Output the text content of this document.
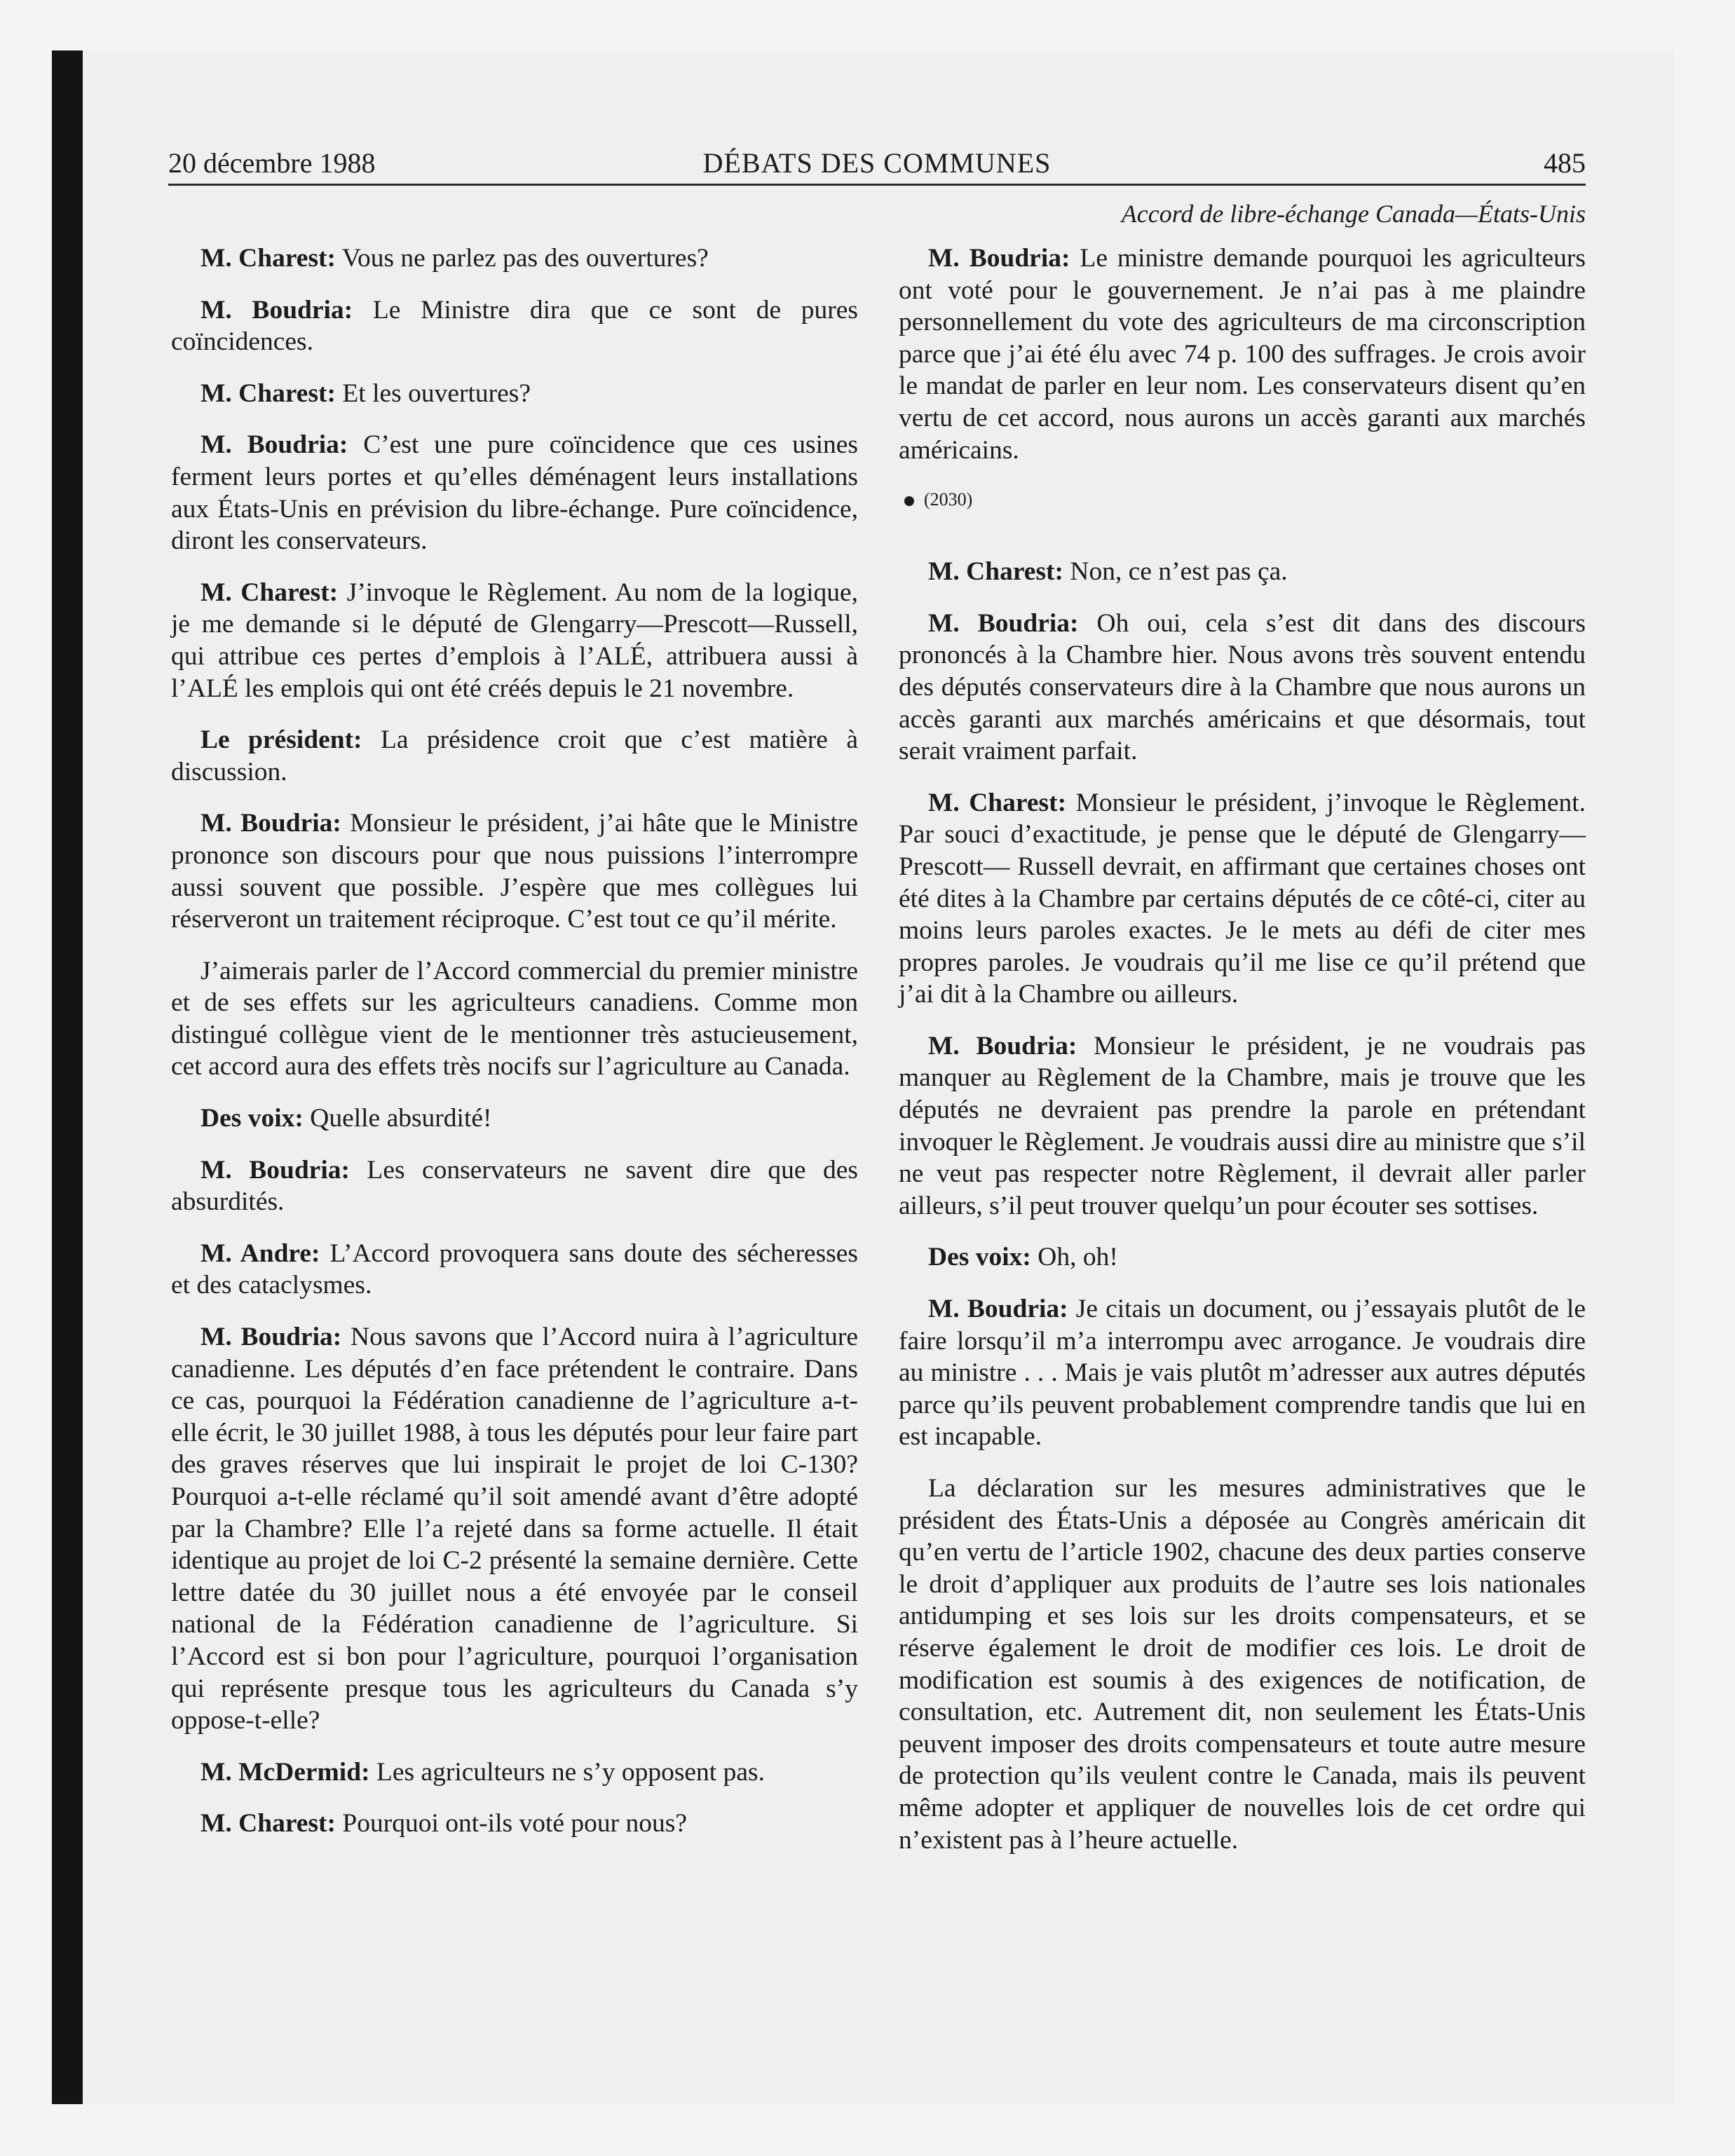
20 décembre 1988	DÉBATS DES COMMUNES	485

M. Charest: Vous ne parlez pas des ouvertures?

M. Boudria: Le Ministre dira que ce sont de pures coïncidences.

M. Charest: Et les ouvertures?

M. Boudria: C’est une pure coïncidence que ces usines ferment leurs portes et qu’elles déménagent leurs installations aux États-Unis en prévision du libre-échange. Pure coïncidence, diront les conservateurs.

M. Charest: J’invoque le Règlement. Au nom de la logique, je me demande si le député de Glengarry—Prescott—Russell, qui attribue ces pertes d’emplois à l’ALÉ, attribuera aussi à l’ALÉ les emplois qui ont été créés depuis le 21 novembre.

Le président: La présidence croit que c’est matière à discussion.

M. Boudria: Monsieur le président, j’ai hâte que le Ministre prononce son discours pour que nous puissions l’interrompre aussi souvent que possible. J’espère que mes collègues lui réserveront un traitement réciproque. C’est tout ce qu’il mérite.

J’aimerais parler de l’Accord commercial du premier ministre et de ses effets sur les agriculteurs canadiens. Comme mon distingué collègue vient de le mentionner très astucieusement, cet accord aura des effets très nocifs sur l’agriculture au Canada.

Des voix: Quelle absurdité!

M. Boudria: Les conservateurs ne savent dire que des absurdités.

M. Andre: L’Accord provoquera sans doute des sécheresses et des cataclysmes.

M. Boudria: Nous savons que l’Accord nuira à l’agriculture canadienne. Les députés d’en face prétendent le contraire. Dans ce cas, pourquoi la Fédération canadienne de l’agriculture a-t-elle écrit, le 30 juillet 1988, à tous les députés pour leur faire part des graves réserves que lui inspirait le projet de loi C-130? Pourquoi a-t-elle réclamé qu’il soit amendé avant d’être adopté par la Chambre? Elle l’a rejeté dans sa forme actuelle. Il était identique au projet de loi C-2 présenté la semaine dernière. Cette lettre datée du 30 juillet nous a été envoyée par le conseil national de la Fédération canadienne de l’agriculture. Si l’Accord est si bon pour l’agriculture, pourquoi l’organisation qui représente presque tous les agriculteurs du Canada s’y oppose-t-elle?

M. McDermid: Les agriculteurs ne s’y opposent pas.

M. Charest: Pourquoi ont-ils voté pour nous?

Accord de libre-échange Canada—États-Unis

M. Boudria: Le ministre demande pourquoi les agriculteurs ont voté pour le gouvernement. Je n’ai pas à me plaindre personnellement du vote des agriculteurs de ma circonscription parce que j’ai été élu avec 74 p. 100 des suffrages. Je crois avoir le mandat de parler en leur nom. Les conservateurs disent qu’en vertu de cet accord, nous aurons un accès garanti aux marchés américains.

(2030)

M. Charest: Non, ce n’est pas ça.

M. Boudria: Oh oui, cela s’est dit dans des discours prononcés à la Chambre hier. Nous avons très souvent entendu des députés conservateurs dire à la Chambre que nous aurons un accès garanti aux marchés américains et que désormais, tout serait vraiment parfait.

M. Charest: Monsieur le président, j’invoque le Règlement. Par souci d’exactitude, je pense que le député de Glengarry—Prescott— Russell devrait, en affirmant que certaines choses ont été dites à la Chambre par certains députés de ce côté-ci, citer au moins leurs paroles exactes. Je le mets au défi de citer mes propres paroles. Je voudrais qu’il me lise ce qu’il prétend que j’ai dit à la Chambre ou ailleurs.

M. Boudria: Monsieur le président, je ne voudrais pas manquer au Règlement de la Chambre, mais je trouve que les députés ne devraient pas prendre la parole en prétendant invoquer le Règlement. Je voudrais aussi dire au ministre que s’il ne veut pas respecter notre Règlement, il devrait aller parler ailleurs, s’il peut trouver quelqu’un pour écouter ses sottises.

Des voix: Oh, oh!

M. Boudria: Je citais un document, ou j’essayais plutôt de le faire lorsqu’il m’a interrompu avec arrogance. Je voudrais dire au ministre . . . Mais je vais plutôt m’adresser aux autres députés parce qu’ils peuvent probablement comprendre tandis que lui en est incapable.

La déclaration sur les mesures administratives que le président des États-Unis a déposée au Congrès américain dit qu’en vertu de l’article 1902, chacune des deux parties conserve le droit d’appliquer aux produits de l’autre ses lois nationales antidumping et ses lois sur les droits compensateurs, et se réserve également le droit de modifier ces lois. Le droit de modification est soumis à des exigences de notification, de consultation, etc. Autrement dit, non seulement les États-Unis peuvent imposer des droits compensateurs et toute autre mesure de protection qu’ils veulent contre le Canada, mais ils peuvent même adopter et appliquer de nouvelles lois de cet ordre qui n’existent pas à l’heure actuelle.
